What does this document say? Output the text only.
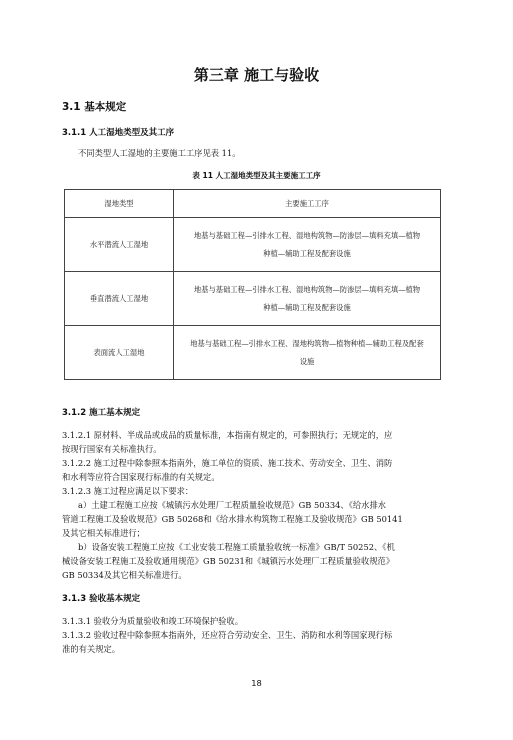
第三章 施工与验收
3.1 基本规定
3.1.1 人工湿地类型及其工序
不同类型人工湿地的主要施工工序见表 11。
表 11 人工湿地类型及其主要施工工序
湿地类型	主要施工工序
水平潜流人工湿地	地基与基础工程—引排水工程、湿地构筑物—防渗层—填料充填—植物
种植—辅助工程及配套设施

垂直潜流人工湿地	地基与基础工程—引排水工程、湿地构筑物—防渗层—填料充填—植物
种植—辅助工程及配套设施

表面流人工湿地	地基与基础工程—引排水工程、湿地构筑物—植物种植—辅助工程及配套
设施
3.1.2 施工基本规定
3.1.2.1 原材料、半成品或成品的质量标准，本指南有规定的，可参照执行；无规定的，应
按现行国家有关标准执行。
3.1.2.2 施工过程中除参照本指南外，施工单位的资质、施工技术、劳动安全、卫生、消防
和水利等应符合国家现行标准的有关规定。
3.1.2.3 施工过程应满足以下要求：
a）土建工程施工应按《城镇污水处理厂工程质量验收规范》GB 50334、《给水排水
管道工程施工及验收规范》GB 50268和《给水排水构筑物工程施工及验收规范》GB 50141
及其它相关标准进行；
b）设备安装工程施工应按《工业安装工程施工质量验收统一标准》GB/T 50252、《机
械设备安装工程施工及验收通用规范》GB 50231和《城镇污水处理厂工程质量验收规范》
GB 50334及其它相关标准进行。
3.1.3 验收基本规定
3.1.3.1 验收分为质量验收和竣工环境保护验收。
3.1.3.2 验收过程中除参照本指南外，还应符合劳动安全、卫生、消防和水利等国家现行标
准的有关规定。
18
